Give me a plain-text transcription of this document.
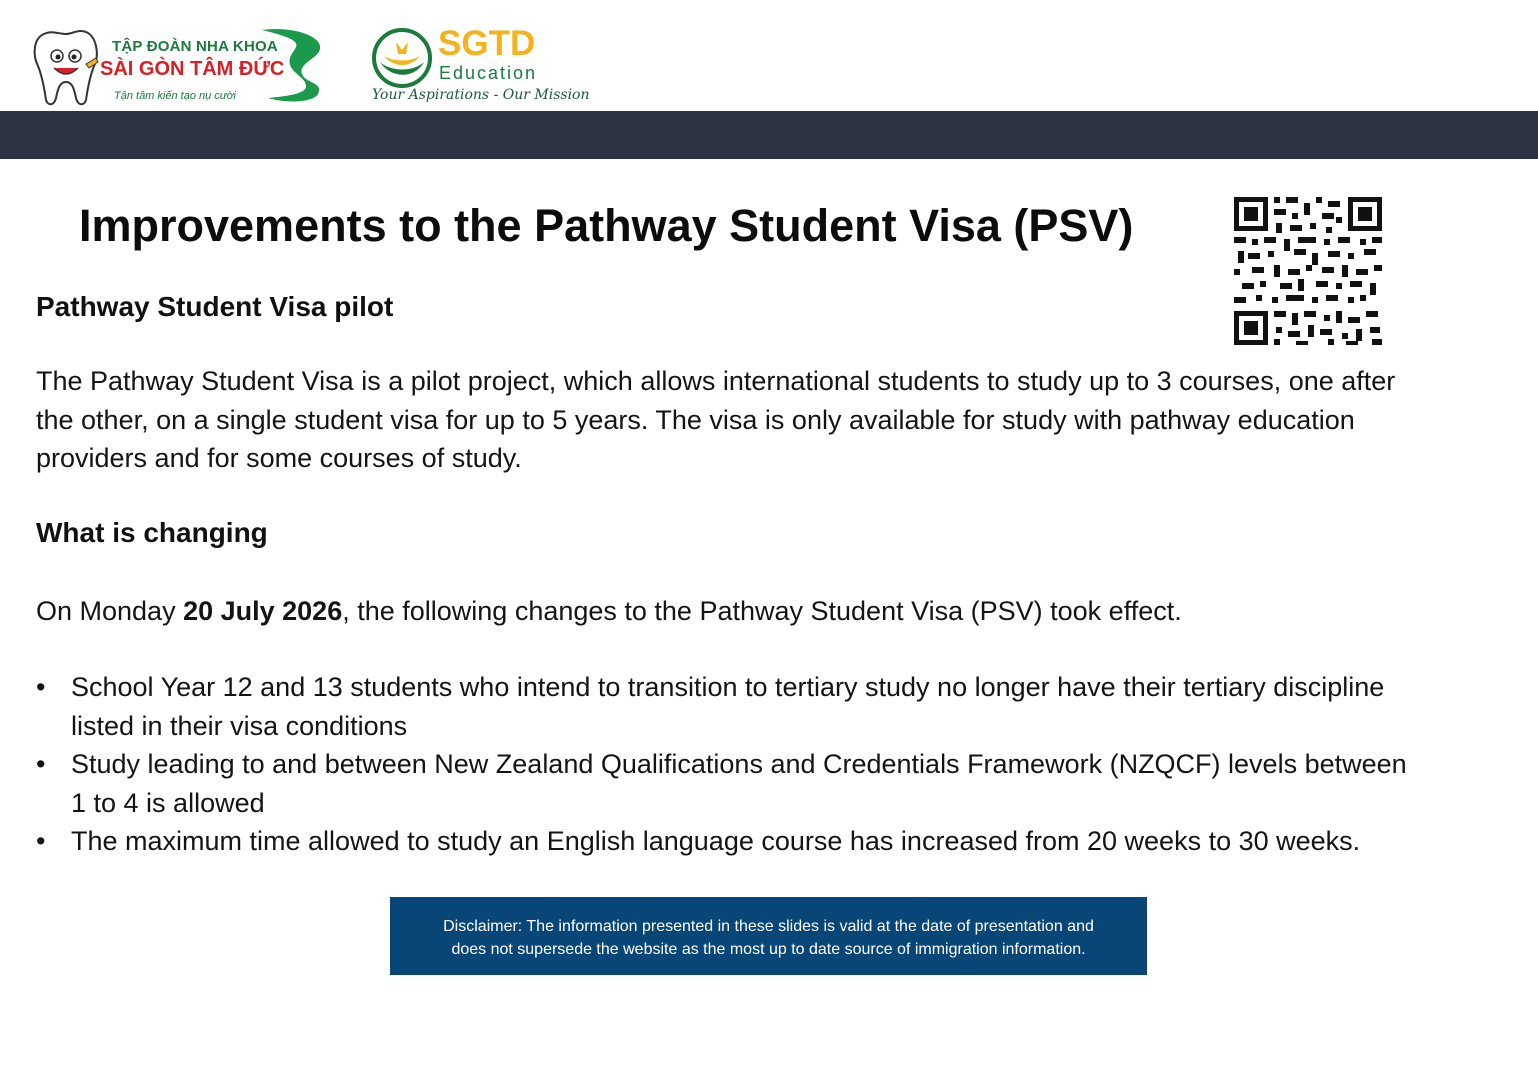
TẬP ĐOÀN NHA KHOA
SÀI GÒN TÂM ĐỨC
Tận tâm kiến tạo nụ cười
SGTD
Education
Your Aspirations - Our Mission
Improvements to the Pathway Student Visa (PSV)
Pathway Student Visa pilot

The Pathway Student Visa is a pilot project, which allows international students to study up to 3 courses, one after the other, on a single student visa for up to 5 years. The visa is only available for study with pathway education providers and for some courses of study.

What is changing

On Monday 20 July 2026, the following changes to the Pathway Student Visa (PSV) took effect.

• School Year 12 and 13 students who intend to transition to tertiary study no longer have their tertiary discipline listed in their visa conditions
• Study leading to and between New Zealand Qualifications and Credentials Framework (NZQCF) levels between 1 to 4 is allowed
• The maximum time allowed to study an English language course has increased from 20 weeks to 30 weeks.
Disclaimer: The information presented in these slides is valid at the date of presentation and
does not supersede the website as the most up to date source of immigration information.
